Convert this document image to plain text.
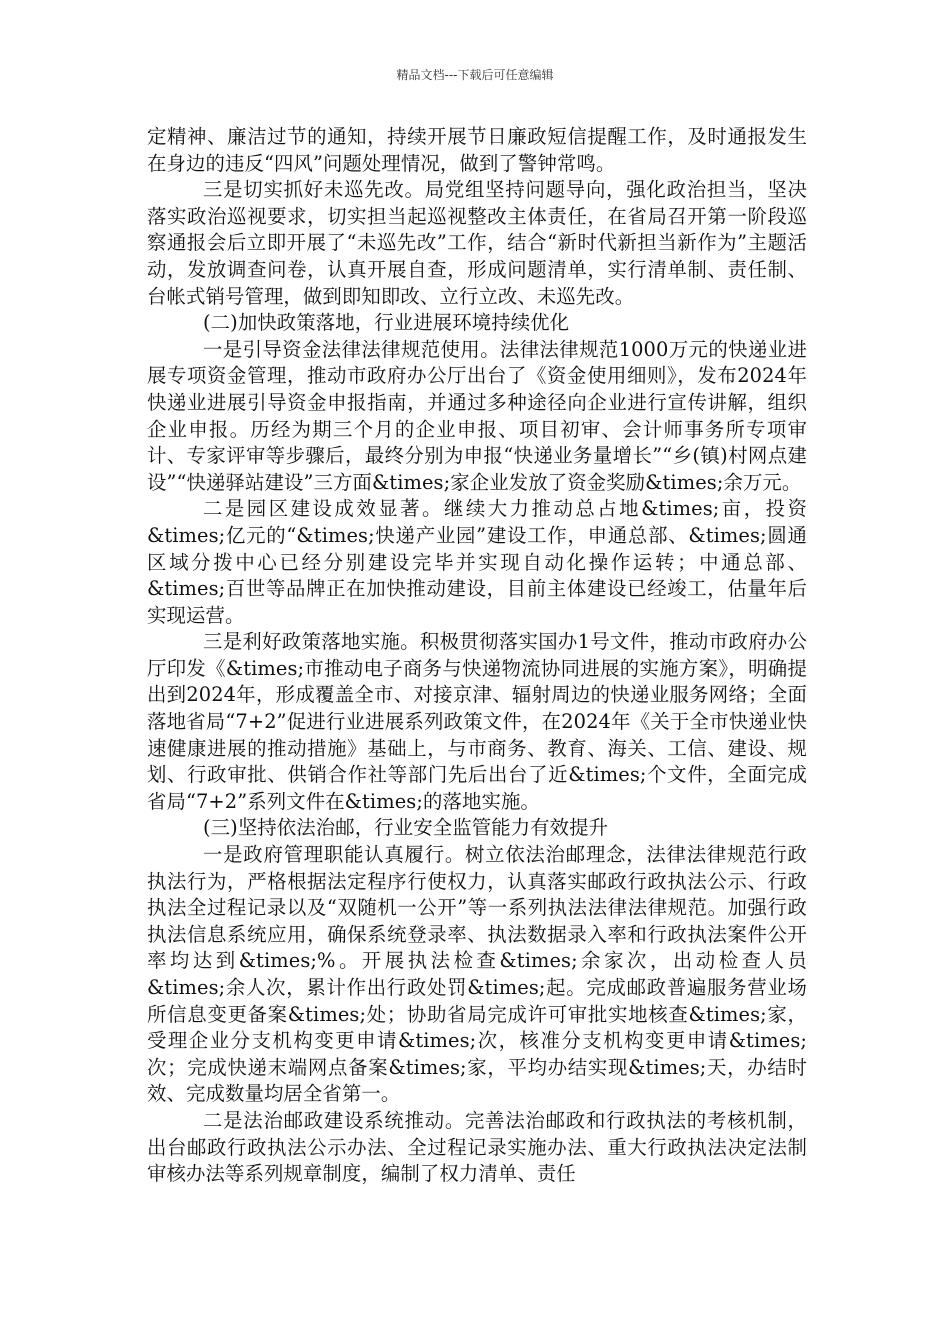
精品文档---下载后可任意编辑

定精神、廉洁过节的通知，持续开展节日廉政短信提醒工作，及时通报发生在身边的违反“四风”问题处理情况，做到了警钟常鸣。

三是切实抓好未巡先改。局党组坚持问题导向，强化政治担当，坚决落实政治巡视要求，切实担当起巡视整改主体责任，在省局召开第一阶段巡察通报会后立即开展了“未巡先改”工作，结合“新时代新担当新作为”主题活动，发放调查问卷，认真开展自查，形成问题清单，实行清单制、责任制、台帐式销号管理，做到即知即改、立行立改、未巡先改。

(二)加快政策落地，行业进展环境持续优化

一是引导资金法律法律规范使用。法律法律规范1000万元的快递业进展专项资金管理，推动市政府办公厅出台了《资金使用细则》，发布2024年快递业进展引导资金申报指南，并通过多种途径向企业进行宣传讲解，组织企业申报。历经为期三个月的企业申报、项目初审、会计师事务所专项审计、专家评审等步骤后，最终分别为申报“快递业务量增长”“乡(镇)村网点建设”“快递驿站建设”三方面&times;家企业发放了资金奖励&times;余万元。

二是园区建设成效显著。继续大力推动总占地&times;亩，投资&times;亿元的“&times;快递产业园”建设工作，申通总部、&times;圆通区域分拨中心已经分别建设完毕并实现自动化操作运转；中通总部、&times;百世等品牌正在加快推动建设，目前主体建设已经竣工，估量年后实现运营。

三是利好政策落地实施。积极贯彻落实国办1号文件，推动市政府办公厅印发《&times;市推动电子商务与快递物流协同进展的实施方案》，明确提出到2024年，形成覆盖全市、对接京津、辐射周边的快递业服务网络；全面落地省局“7+2”促进行业进展系列政策文件，在2024年《关于全市快递业快速健康进展的推动措施》基础上，与市商务、教育、海关、工信、建设、规划、行政审批、供销合作社等部门先后出台了近&times;个文件，全面完成省局“7+2”系列文件在&times;的落地实施。

(三)坚持依法治邮，行业安全监管能力有效提升

一是政府管理职能认真履行。树立依法治邮理念，法律法律规范行政执法行为，严格根据法定程序行使权力，认真落实邮政行政执法公示、行政执法全过程记录以及“双随机一公开”等一系列执法法律法律规范。加强行政执法信息系统应用，确保系统登录率、执法数据录入率和行政执法案件公开率均达到&times;%。开展执法检查&times;余家次，出动检查人员&times;余人次，累计作出行政处罚&times;起。完成邮政普遍服务营业场所信息变更备案&times;处；协助省局完成许可审批实地核查&times;家，受理企业分支机构变更申请&times;次，核准分支机构变更申请&times;次；完成快递末端网点备案&times;家，平均办结实现&times;天，办结时效、完成数量均居全省第一。

二是法治邮政建设系统推动。完善法治邮政和行政执法的考核机制，出台邮政行政执法公示办法、全过程记录实施办法、重大行政执法决定法制审核办法等系列规章制度，编制了权力清单、责任
